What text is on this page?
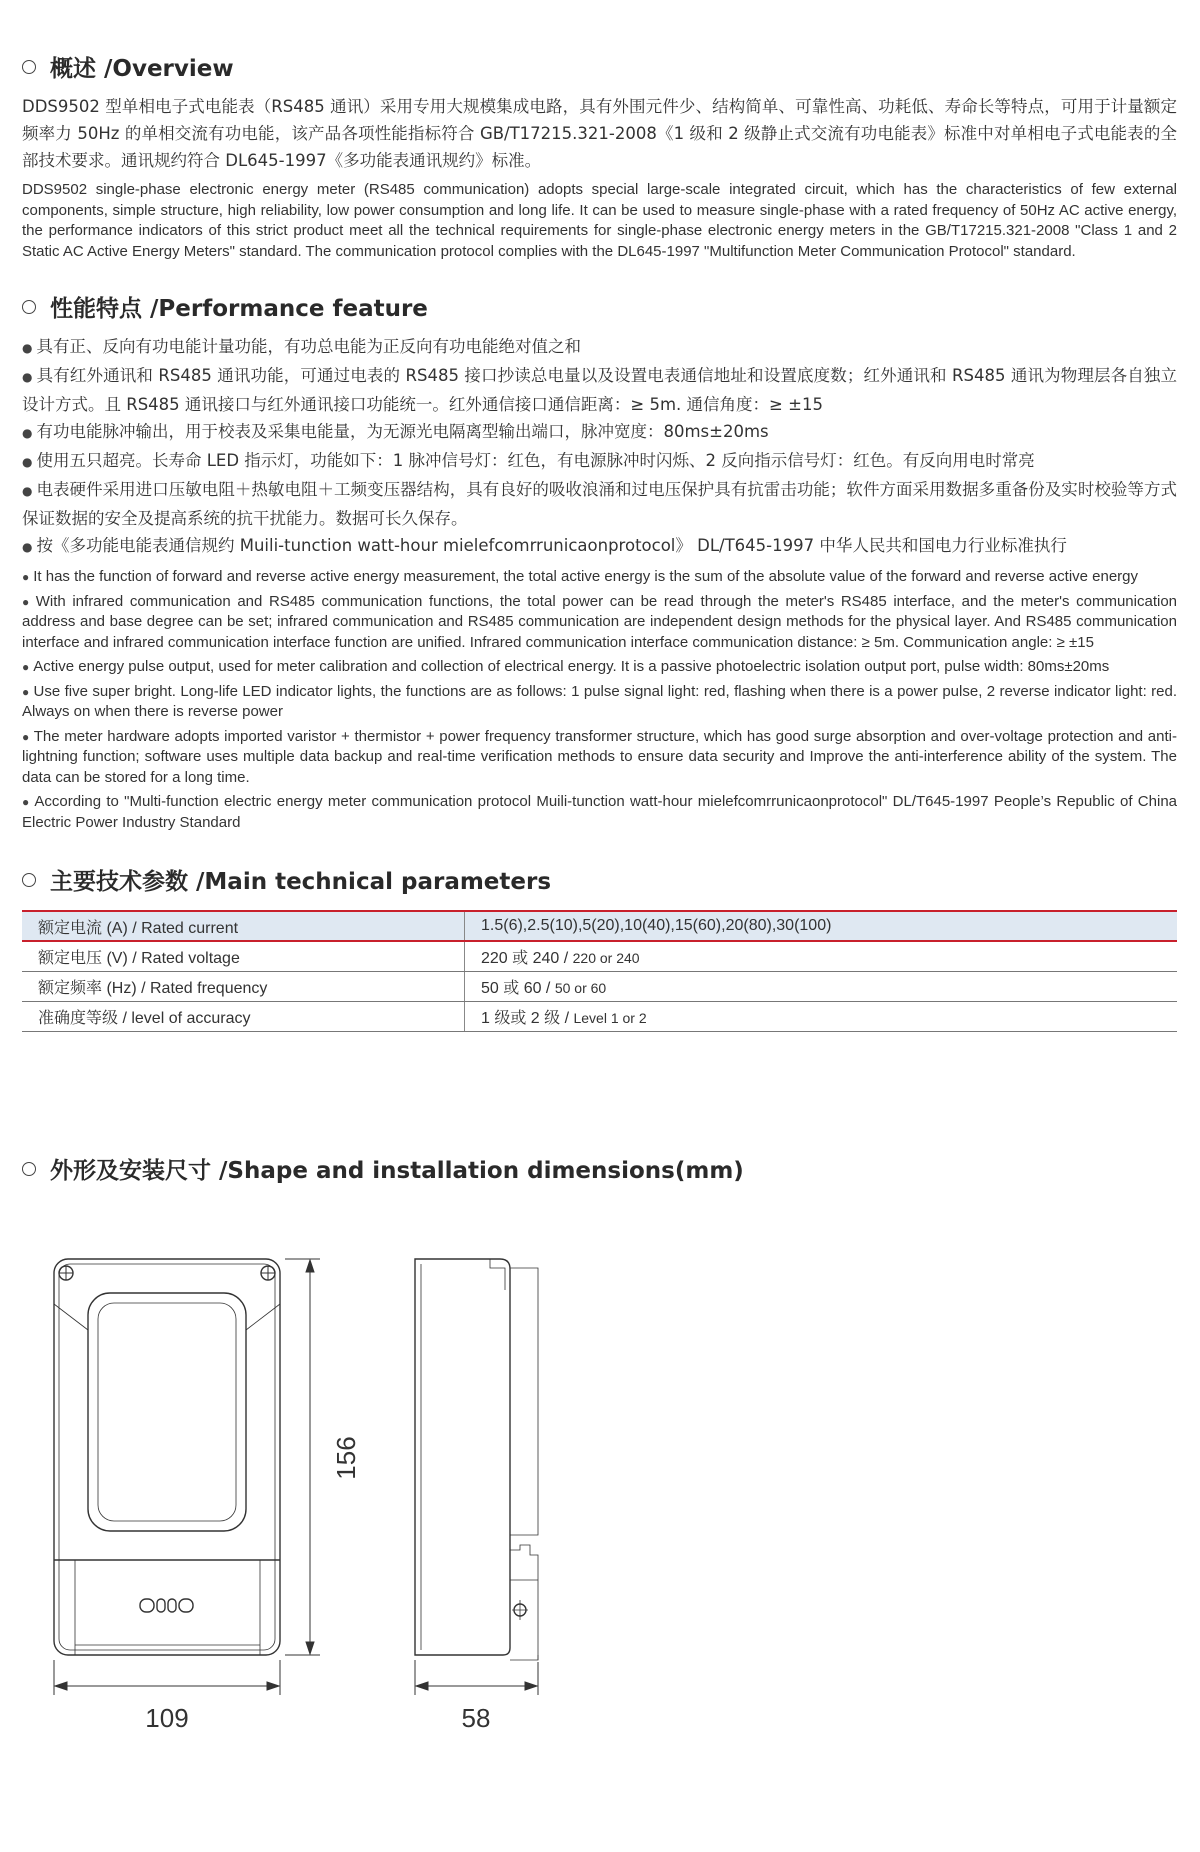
概述 /Overview
DDS9502 型单相电子式电能表（RS485 通讯）采用专用大规模集成电路，具有外围元件少、结构简单、可靠性高、功耗低、寿命长等特点，可用于计量额定频率力 50Hz 的单相交流有功电能，该产品各项性能指标符合 GB/T17215.321-2008《1 级和 2 级静止式交流有功电能表》标准中对单相电子式电能表的全部技术要求。通讯规约符合 DL645-1997《多功能表通讯规约》标准。
DDS9502 single-phase electronic energy meter (RS485 communication) adopts special large-scale integrated circuit, which has the characteristics of few external components, simple structure, high reliability, low power consumption and long life. It can be used to measure single-phase with a rated frequency of 50Hz AC active energy, the performance indicators of this strict product meet all the technical requirements for single-phase electronic energy meters in the GB/T17215.321-2008 "Class 1 and 2 Static AC Active Energy Meters" standard. The communication protocol complies with the DL645-1997 "Multifunction Meter Communication Protocol" standard.
性能特点 /Performance feature
● 具有正、反向有功电能计量功能，有功总电能为正反向有功电能绝对值之和
● 具有红外通讯和 RS485 通讯功能，可通过电表的 RS485 接口抄读总电量以及设置电表通信地址和设置底度数；红外通讯和 RS485 通讯为物理层各自独立设计方式。且 RS485 通讯接口与红外通讯接口功能统一。红外通信接口通信距离：≥ 5m. 通信角度：≥ ±15
● 有功电能脉冲输出，用于校表及采集电能量，为无源光电隔离型输出端口，脉冲宽度：80ms±20ms
● 使用五只超亮。长寿命 LED 指示灯，功能如下：1 脉冲信号灯：红色，有电源脉冲时闪烁、2 反向指示信号灯：红色。有反向用电时常亮
● 电表硬件采用进口压敏电阻＋热敏电阻＋工频变压器结构，具有良好的吸收浪涌和过电压保护具有抗雷击功能；软件方面采用数据多重备份及实时校验等方式保证数据的安全及提高系统的抗干扰能力。数据可长久保存。
● 按《多功能电能表通信规约 Muili-tunction watt-hour mielefcomrrunicaonprotocol》 DL/T645-1997 中华人民共和国电力行业标准执行
● It has the function of forward and reverse active energy measurement, the total active energy is the sum of the absolute value of the forward and reverse active energy
● With infrared communication and RS485 communication functions, the total power can be read through the meter's RS485 interface, and the meter's communication address and base degree can be set; infrared communication and RS485 communication are independent design methods for the physical layer. And RS485 communication interface and infrared communication interface function are unified. Infrared communication interface communication distance: ≥ 5m. Communication angle: ≥ ±15
● Active energy pulse output, used for meter calibration and collection of electrical energy. It is a passive photoelectric isolation output port, pulse width: 80ms±20ms
● Use five super bright. Long-life LED indicator lights, the functions are as follows: 1 pulse signal light: red, flashing when there is a power pulse, 2 reverse indicator light: red. Always on when there is reverse power
● The meter hardware adopts imported varistor + thermistor + power frequency transformer structure, which has good surge absorption and over-voltage protection and anti-lightning function; software uses multiple data backup and real-time verification methods to ensure data security and Improve the anti-interference ability of the system. The data can be stored for a long time.
● According to "Multi-function electric energy meter communication protocol Muili-tunction watt-hour mielefcomrrunicaonprotocol" DL/T645-1997 People’s Republic of China Electric Power Industry Standard
主要技术参数 /Main technical parameters
额定电流 (A) / Rated current	1.5(6),2.5(10),5(20),10(40),15(60),20(80),30(100)
额定电压 (V) / Rated voltage	220 或 240 / 220 or 240
额定频率 (Hz) / Rated frequency	50 或 60 / 50 or 60
准确度等级 / level of accuracy	1 级或 2 级 / Level 1 or 2
外形及安装尺寸 /Shape and installation dimensions(mm)
156
109	58
